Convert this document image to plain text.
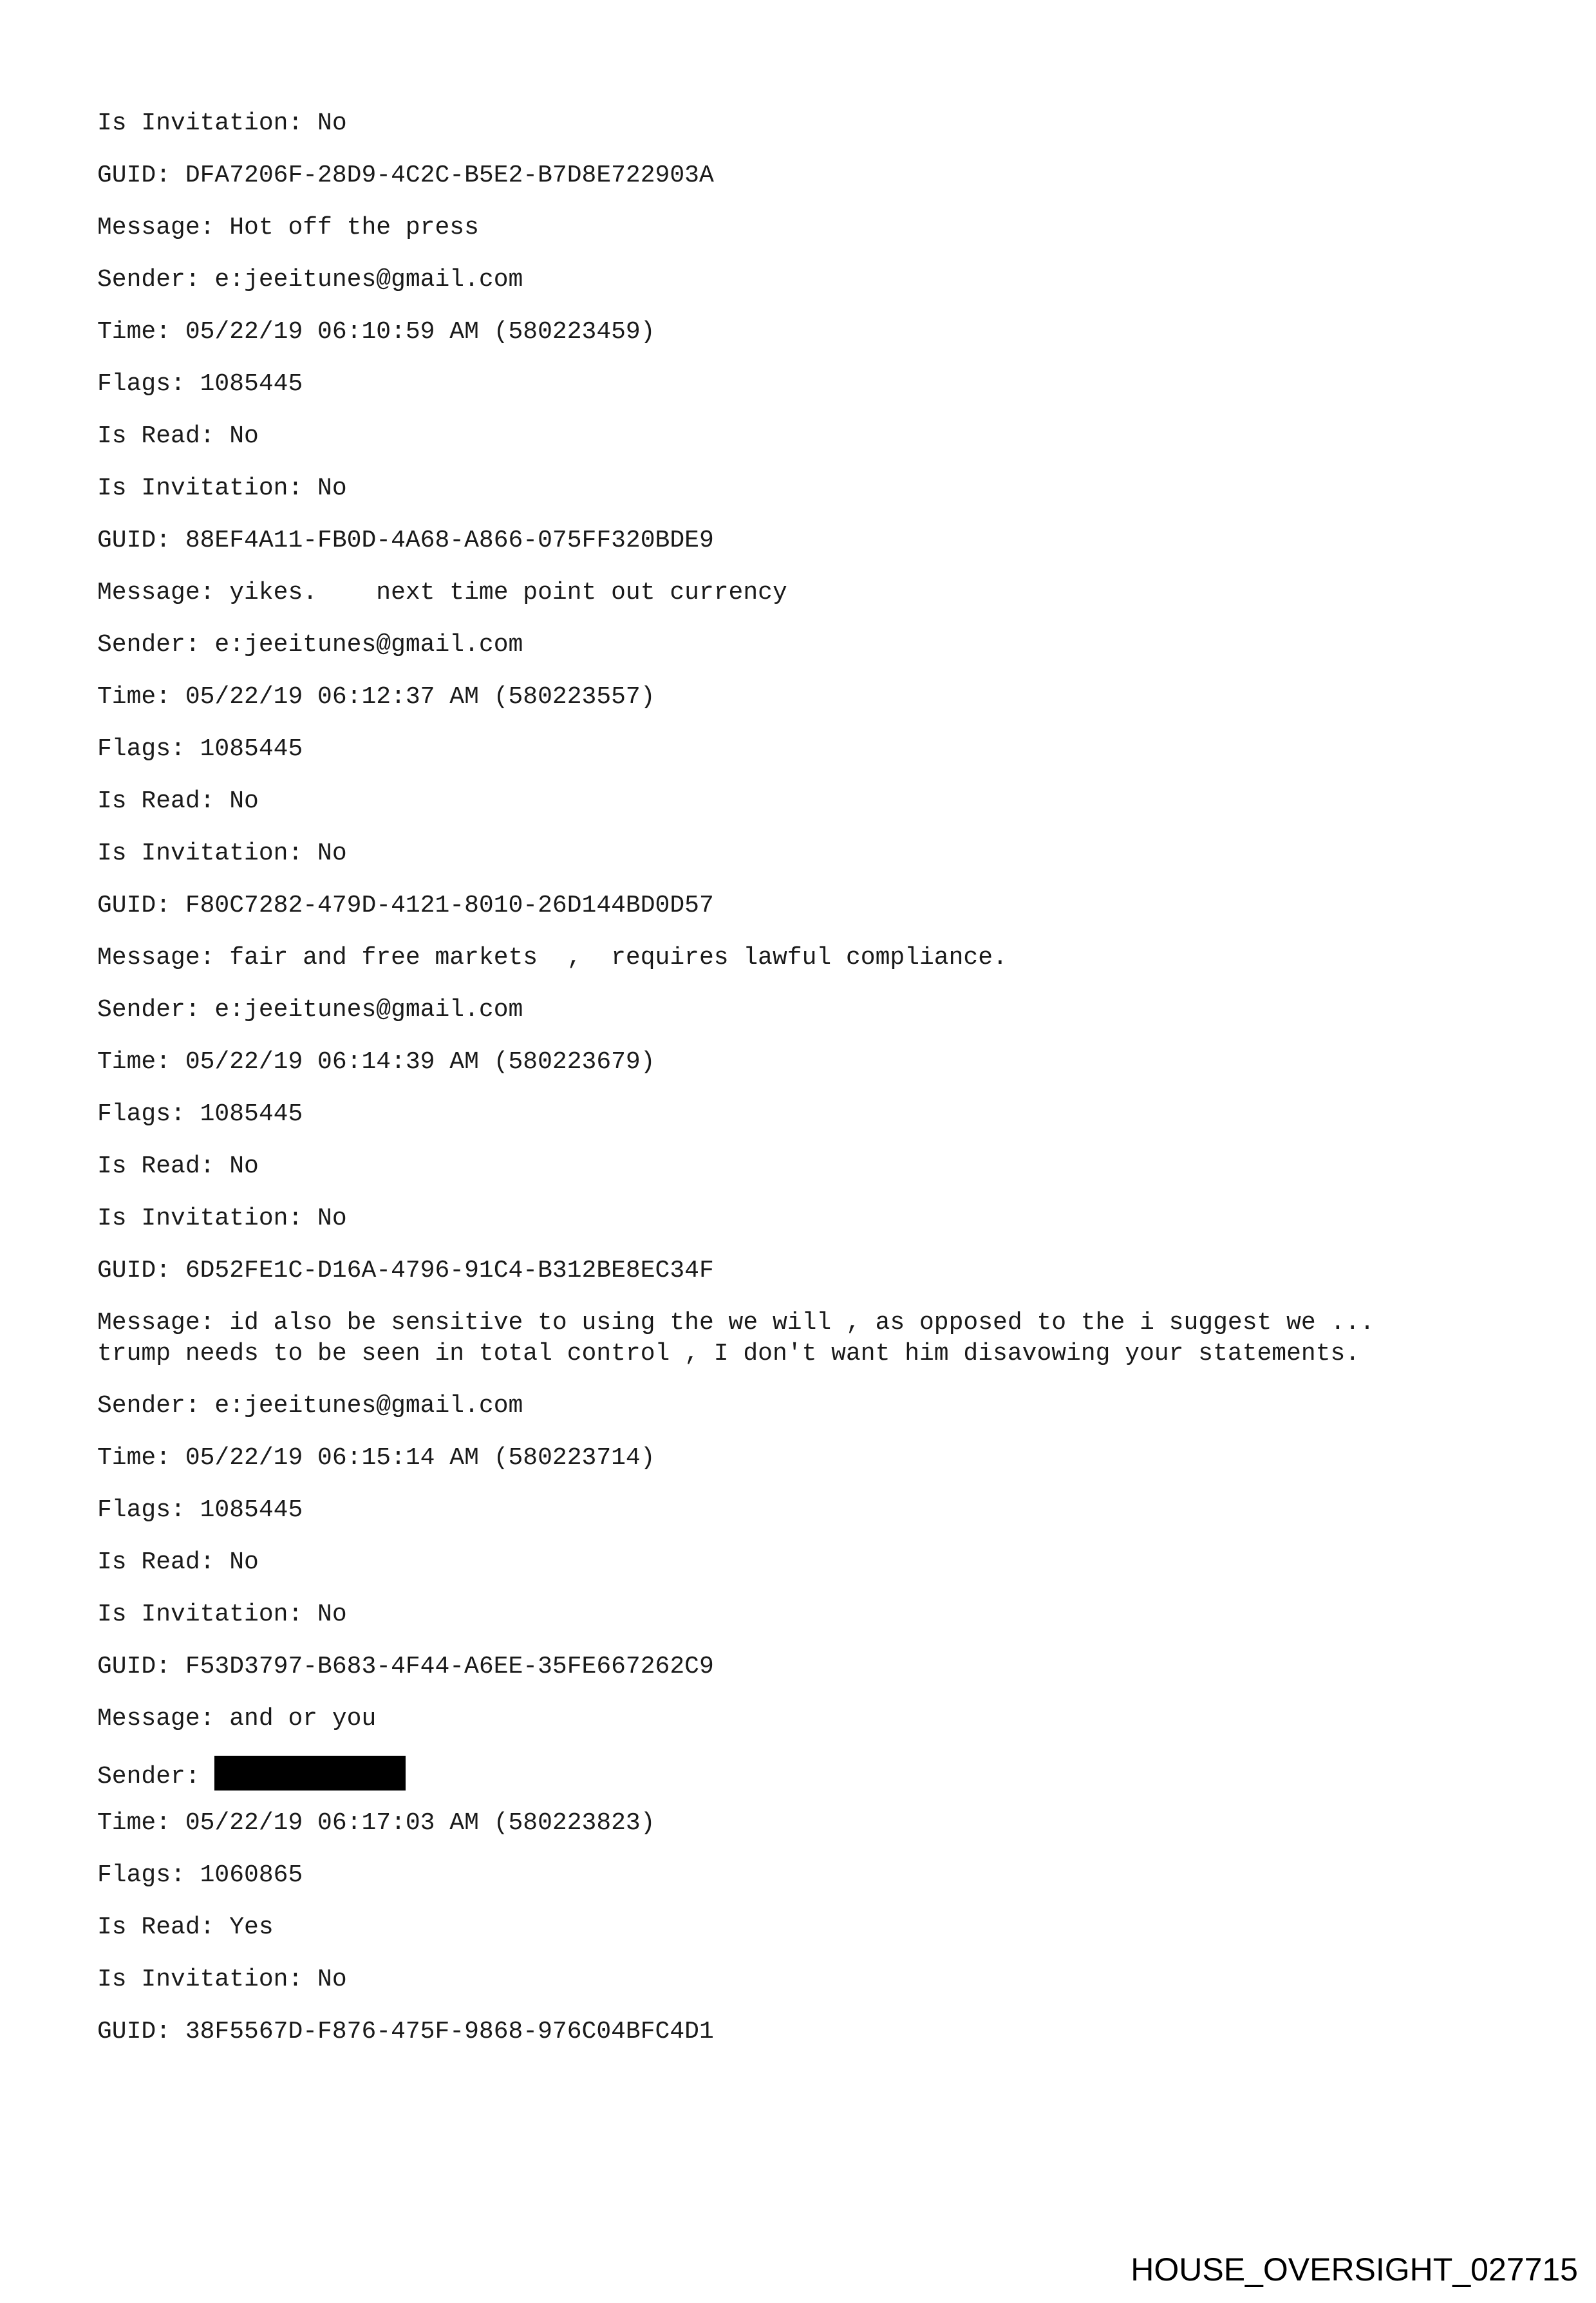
Is Invitation: No
GUID: DFA7206F-28D9-4C2C-B5E2-B7D8E722903A
Message: Hot off the press
Sender: e:jeeitunes@gmail.com
Time: 05/22/19 06:10:59 AM (580223459)
Flags: 1085445
Is Read: No
Is Invitation: No
GUID: 88EF4A11-FB0D-4A68-A866-075FF320BDE9
Message: yikes.    next time point out currency
Sender: e:jeeitunes@gmail.com
Time: 05/22/19 06:12:37 AM (580223557)
Flags: 1085445
Is Read: No
Is Invitation: No
GUID: F80C7282-479D-4121-8010-26D144BD0D57
Message: fair and free markets  ,  requires lawful compliance.
Sender: e:jeeitunes@gmail.com
Time: 05/22/19 06:14:39 AM (580223679)
Flags: 1085445
Is Read: No
Is Invitation: No
GUID: 6D52FE1C-D16A-4796-91C4-B312BE8EC34F
Message: id also be sensitive to using the we will , as opposed to the i suggest we ...
trump needs to be seen in total control , I don't want him disavowing your statements.
Sender: e:jeeitunes@gmail.com
Time: 05/22/19 06:15:14 AM (580223714)
Flags: 1085445
Is Read: No
Is Invitation: No
GUID: F53D3797-B683-4F44-A6EE-35FE667262C9
Message: and or you
Sender:
Time: 05/22/19 06:17:03 AM (580223823)
Flags: 1060865
Is Read: Yes
Is Invitation: No
GUID: 38F5567D-F876-475F-9868-976C04BFC4D1
HOUSE_OVERSIGHT_027715
